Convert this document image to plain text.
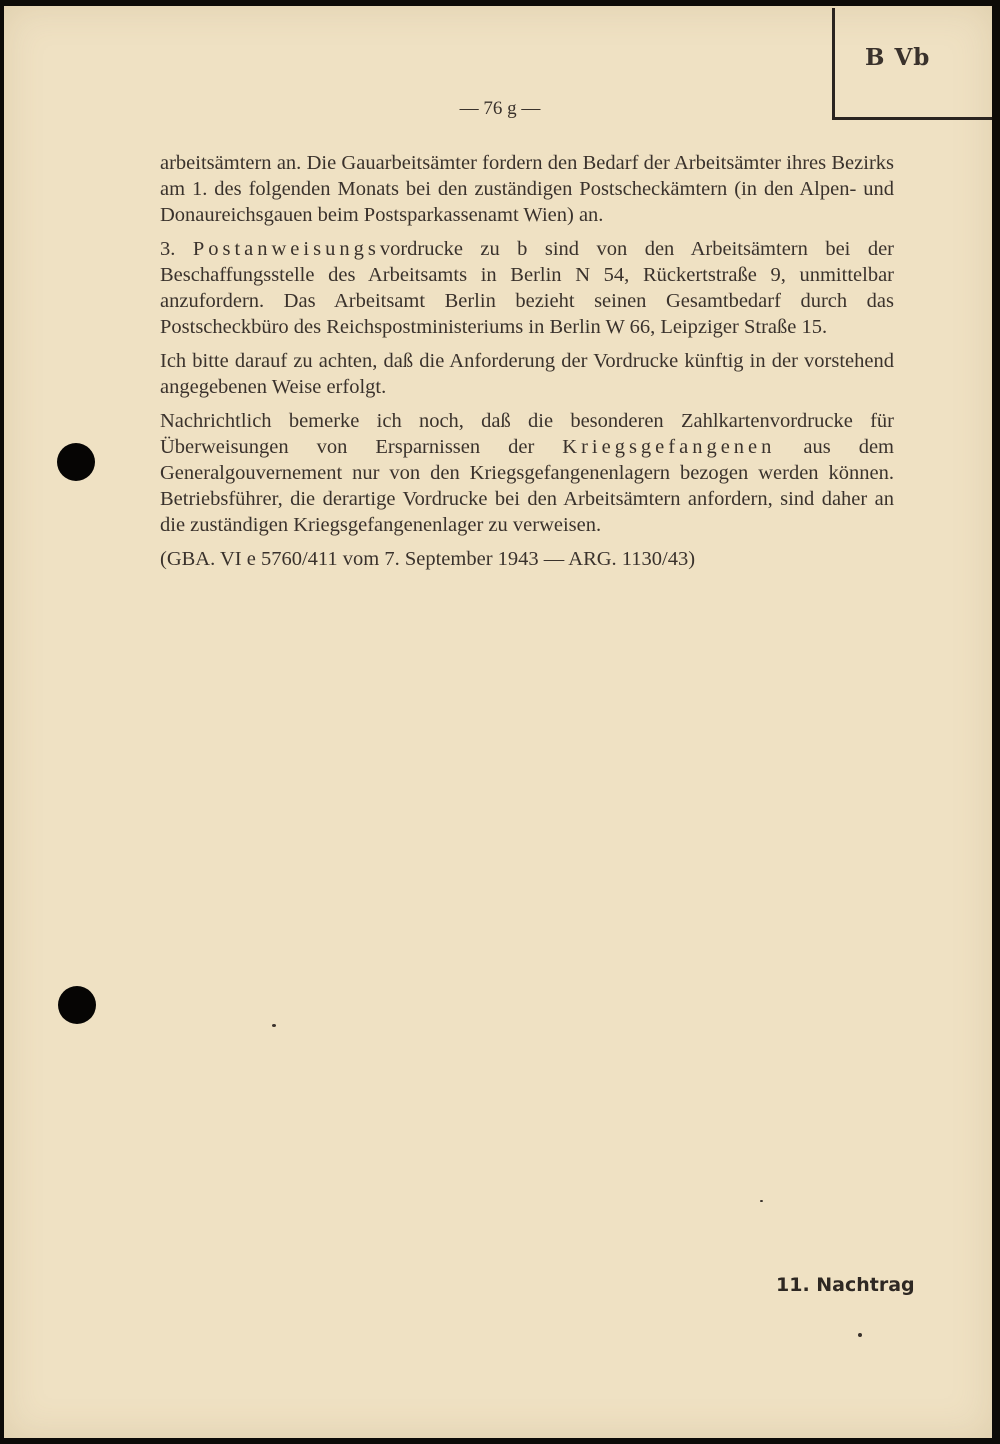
B Vb
— 76 g —

arbeitsämtern an. Die Gauarbeitsämter fordern den Bedarf der Arbeitsämter ihres Bezirks am 1. des folgenden Monats bei den zuständigen Postscheckämtern (in den Alpen- und Donaureichsgauen beim Postsparkassenamt Wien) an.

3. Postanweisungsvordrucke zu b sind von den Arbeitsämtern bei der Beschaffungsstelle des Arbeitsamts in Berlin N 54, Rückertstraße 9, unmittelbar anzufordern. Das Arbeitsamt Berlin bezieht seinen Gesamtbedarf durch das Postscheckbüro des Reichspostministeriums in Berlin W 66, Leipziger Straße 15.

Ich bitte darauf zu achten, daß die Anforderung der Vordrucke künftig in der vorstehend angegebenen Weise erfolgt.

Nachrichtlich bemerke ich noch, daß die besonderen Zahlkartenvordrucke für Überweisungen von Ersparnissen der Kriegsgefangenen aus dem Generalgouvernement nur von den Kriegsgefangenenlagern bezogen werden können. Betriebsführer, die derartige Vordrucke bei den Arbeitsämtern anfordern, sind daher an die zuständigen Kriegsgefangenenlager zu verweisen.

(GBA. VI e 5760/411 vom 7. September 1943 — ARG. 1130/43)

11. Nachtrag
